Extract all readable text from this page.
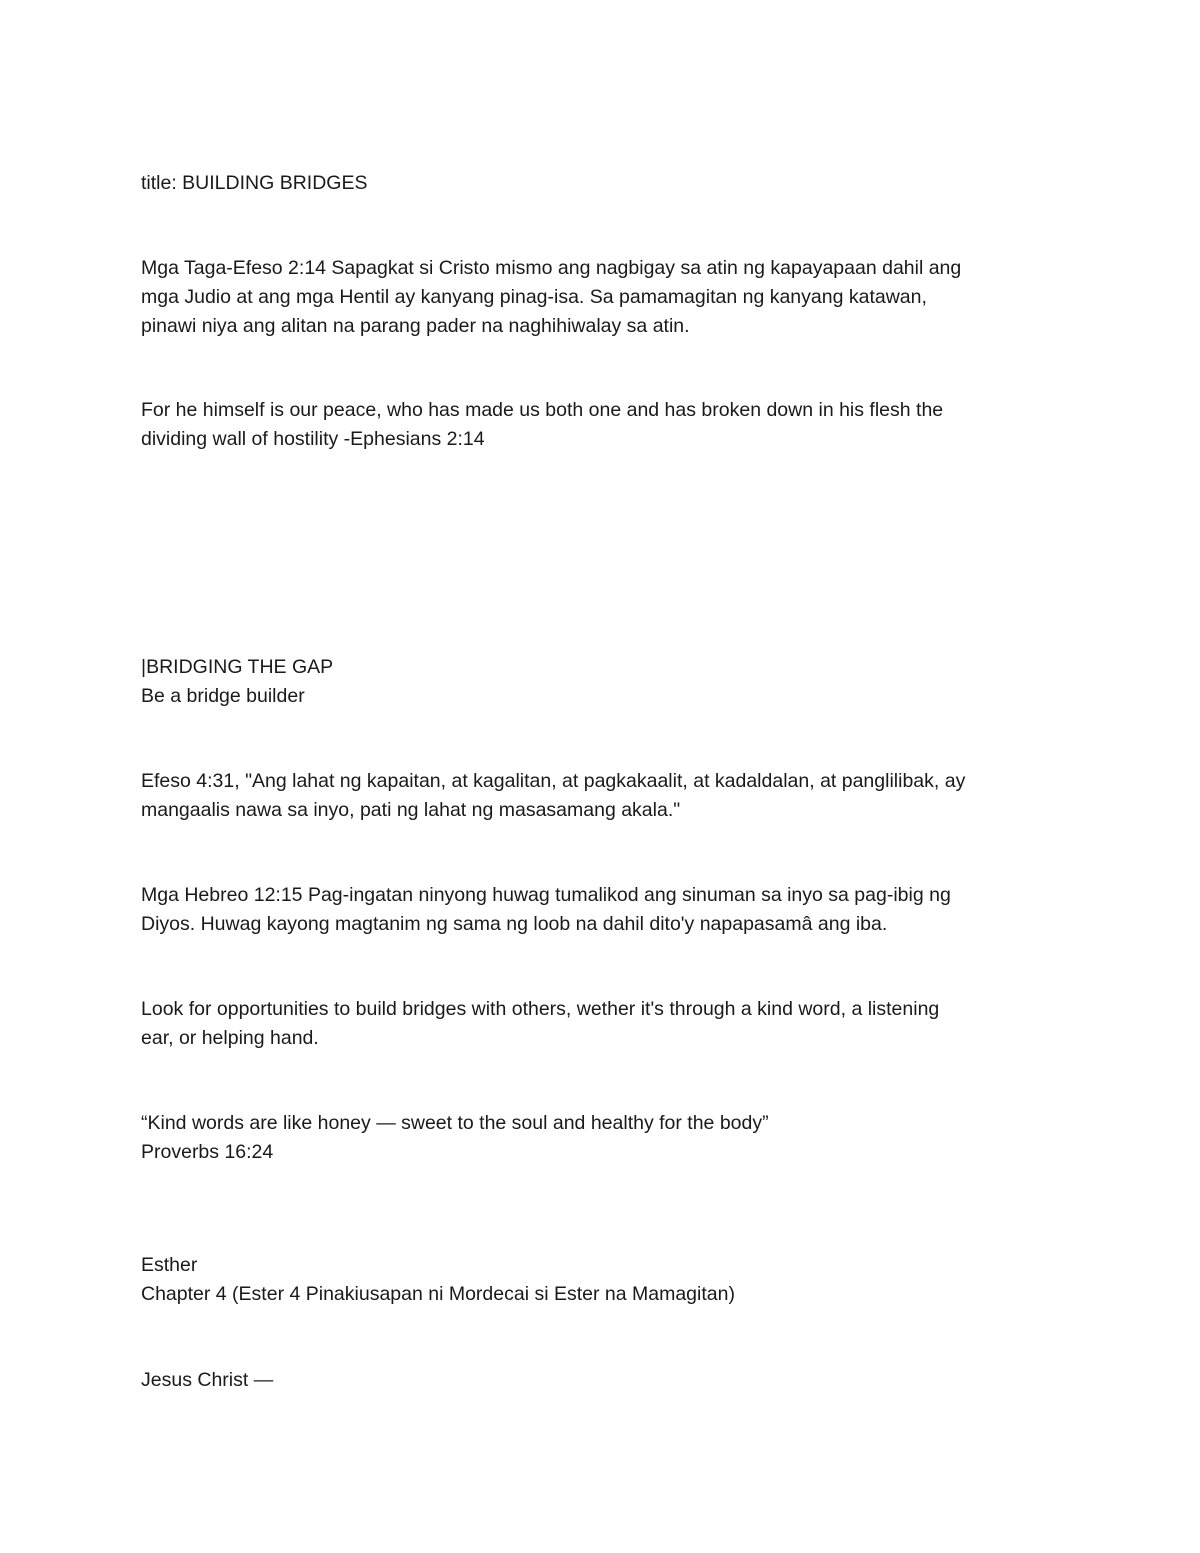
title: BUILDING BRIDGES

Mga Taga-Efeso 2:14 Sapagkat si Cristo mismo ang nagbigay sa atin ng kapayapaan dahil ang
mga Judio at ang mga Hentil ay kanyang pinag-isa. Sa pamamagitan ng kanyang katawan,
pinawi niya ang alitan na parang pader na naghihiwalay sa atin.

For he himself is our peace, who has made us both one and has broken down in his flesh the
dividing wall of hostility -Ephesians 2:14

|BRIDGING THE GAP
Be a bridge builder

Efeso 4:31, "Ang lahat ng kapaitan, at kagalitan, at pagkakaalit, at kadaldalan, at panglilibak, ay
mangaalis nawa sa inyo, pati ng lahat ng masasamang akala."

Mga Hebreo 12:15 Pag-ingatan ninyong huwag tumalikod ang sinuman sa inyo sa pag-ibig ng
Diyos. Huwag kayong magtanim ng sama ng loob na dahil dito'y napapasamâ ang iba.

Look for opportunities to build bridges with others, wether it's through a kind word, a listening
ear, or helping hand.

“Kind words are like honey — sweet to the soul and healthy for the body”
Proverbs 16:24

Esther
Chapter 4 (Ester 4 Pinakiusapan ni Mordecai si Ester na Mamagitan)

Jesus Christ —
